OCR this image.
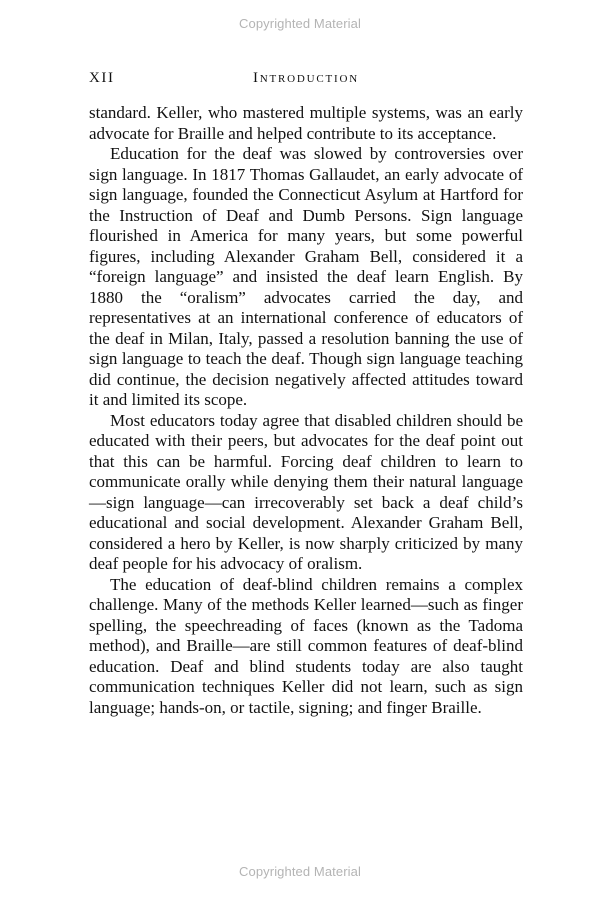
Copyrighted Material
XII	Introduction

standard. Keller, who mastered multiple systems, was an early advocate for Braille and helped contribute to its acceptance.

Education for the deaf was slowed by controversies over sign language. In 1817 Thomas Gallaudet, an early advocate of sign language, founded the Connecticut Asylum at Hartford for the Instruction of Deaf and Dumb Persons. Sign language flourished in America for many years, but some powerful figures, including Alexander Graham Bell, considered it a “foreign language” and insisted the deaf learn English. By 1880 the “oralism” advocates carried the day, and representatives at an international conference of educators of the deaf in Milan, Italy, passed a resolution banning the use of sign language to teach the deaf. Though sign language teaching did continue, the decision negatively affected attitudes toward it and limited its scope.

Most educators today agree that disabled children should be educated with their peers, but advocates for the deaf point out that this can be harmful. Forcing deaf children to learn to communicate orally while denying them their natural language—sign language—can irrecoverably set back a deaf child’s educational and social development. Alexander Graham Bell, considered a hero by Keller, is now sharply criticized by many deaf people for his advocacy of oralism.

The education of deaf-blind children remains a complex challenge. Many of the methods Keller learned—such as finger spelling, the speechreading of faces (known as the Tadoma method), and Braille—are still common features of deaf-blind education. Deaf and blind students today are also taught communication techniques Keller did not learn, such as sign language; hands-on, or tactile, signing; and finger Braille.

Copyrighted Material
